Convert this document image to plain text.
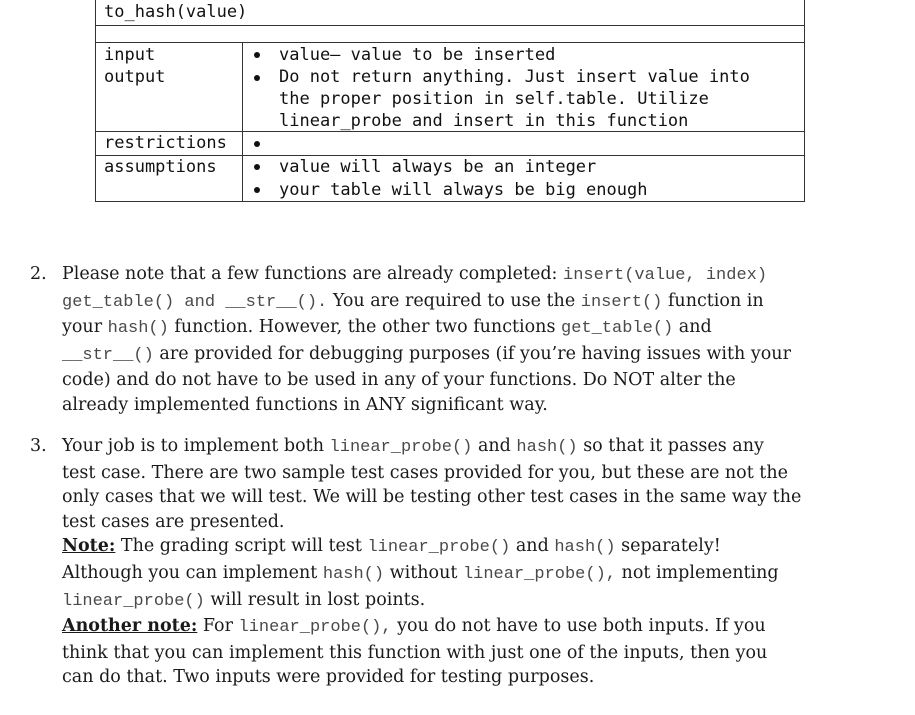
to_hash(value)
input
output
restrictions
assumptions
value– value to be inserted
Do not return anything. Just insert value into
the proper position in self.table. Utilize
linear_probe and insert in this function
value will always be an integer
your table will always be big enough
2. Please note that a few functions are already completed: insert(value, index) get_table() and __str__(). You are required to use the insert() function in your hash() function. However, the other two functions get_table() and __str__() are provided for debugging purposes (if you’re having issues with your code) and do not have to be used in any of your functions. Do NOT alter the already implemented functions in ANY significant way.
3. Your job is to implement both linear_probe() and hash() so that it passes any test case. There are two sample test cases provided for you, but these are not the only cases that we will test. We will be testing other test cases in the same way the test cases are presented.
Note: The grading script will test linear_probe() and hash() separately! Although you can implement hash() without linear_probe(), not implementing linear_probe() will result in lost points.
Another note: For linear_probe(), you do not have to use both inputs. If you think that you can implement this function with just one of the inputs, then you can do that. Two inputs were provided for testing purposes.
